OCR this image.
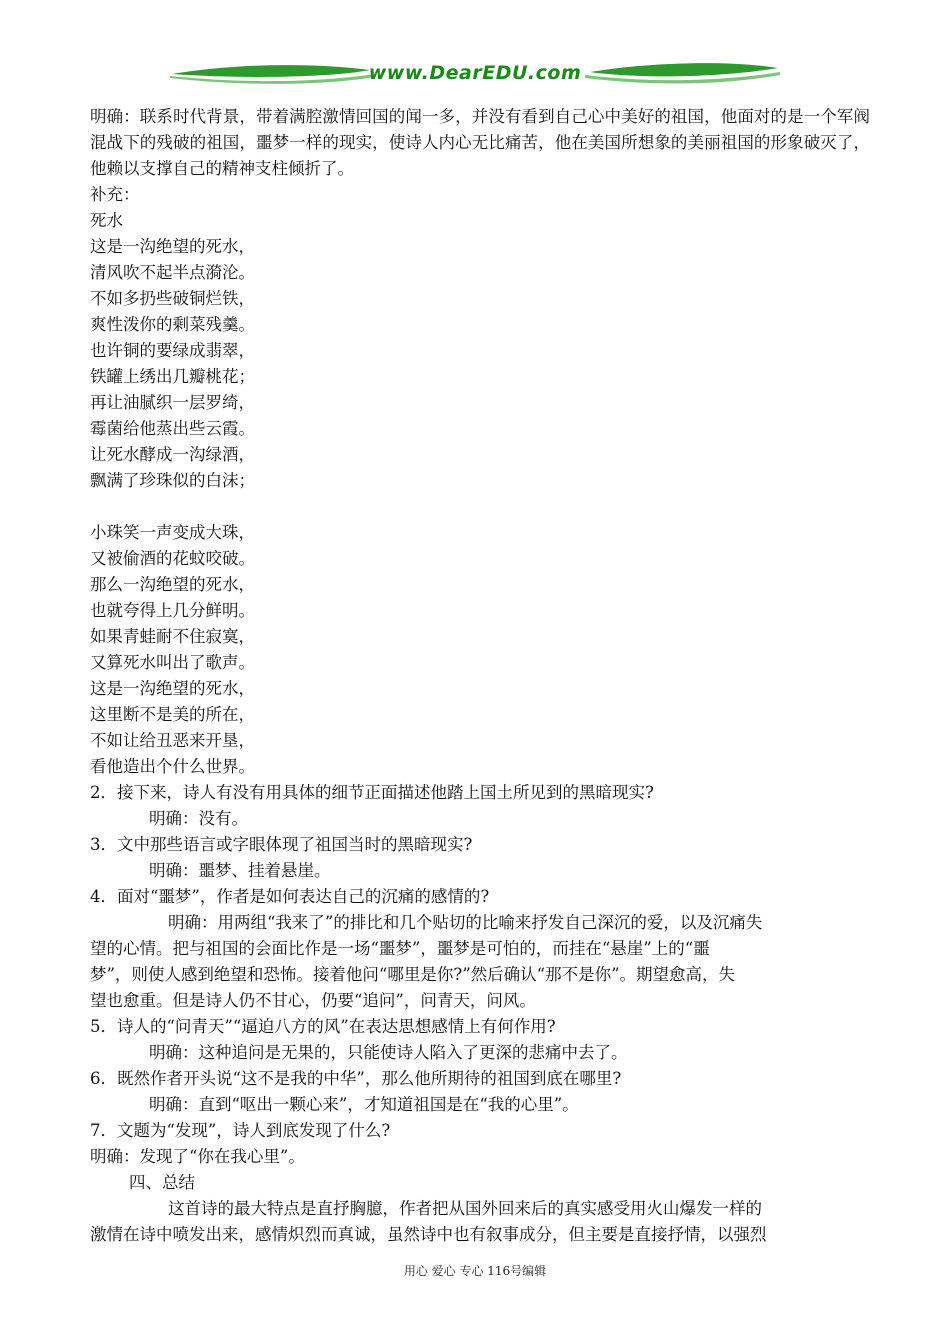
www.DearEDU.com
明确：联系时代背景，带着满腔激情回国的闻一多，并没有看到自己心中美好的祖国，他面对的是一个军阀混战下的残破的祖国，噩梦一样的现实，使诗人内心无比痛苦，他在美国所想象的美丽祖国的形象破灭了，他赖以支撑自己的精神支柱倾折了。
补充：
死水
这是一沟绝望的死水，
清风吹不起半点漪沦。
不如多扔些破铜烂铁，
爽性泼你的剩菜残羹。
也许铜的要绿成翡翠，
铁罐上绣出几瓣桃花；
再让油腻织一层罗绮，
霉菌给他蒸出些云霞。
让死水酵成一沟绿酒，
飘满了珍珠似的白沫；
小珠笑一声变成大珠，
又被偷酒的花蚊咬破。
那么一沟绝望的死水，
也就夸得上几分鲜明。
如果青蛙耐不住寂寞，
又算死水叫出了歌声。
这是一沟绝望的死水，
这里断不是美的所在，
不如让给丑恶来开垦，
看他造出个什么世界。
2．接下来，诗人有没有用具体的细节正面描述他踏上国土所见到的黑暗现实?
明确：没有。
3．文中那些语言或字眼体现了祖国当时的黑暗现实?
明确：噩梦、挂着悬崖。
4．面对“噩梦”，作者是如何表达自己的沉痛的感情的?
明确：用两组“我来了”的排比和几个贴切的比喻来抒发自己深沉的爱，以及沉痛失
望的心情。把与祖国的会面比作是一场“噩梦”，噩梦是可怕的，而挂在“悬崖”上的“噩
梦”，则使人感到绝望和恐怖。接着他问“哪里是你?”然后确认“那不是你”。期望愈高，失
望也愈重。但是诗人仍不甘心，仍要“追问”，问青天，问风。
5．诗人的“问青天”“逼迫八方的风”在表达思想感情上有何作用?
明确：这种追问是无果的，只能使诗人陷入了更深的悲痛中去了。
6．既然作者开头说“这不是我的中华”，那么他所期待的祖国到底在哪里?
明确：直到“呕出一颗心来”，才知道祖国是在“我的心里”。
7．文题为“发现”，诗人到底发现了什么?
明确：发现了“你在我心里”。
四、总结
这首诗的最大特点是直抒胸臆，作者把从国外回来后的真实感受用火山爆发一样的
激情在诗中喷发出来，感情炽烈而真诚，虽然诗中也有叙事成分，但主要是直接抒情，以强烈
用心 爱心 专心 116号编辑
